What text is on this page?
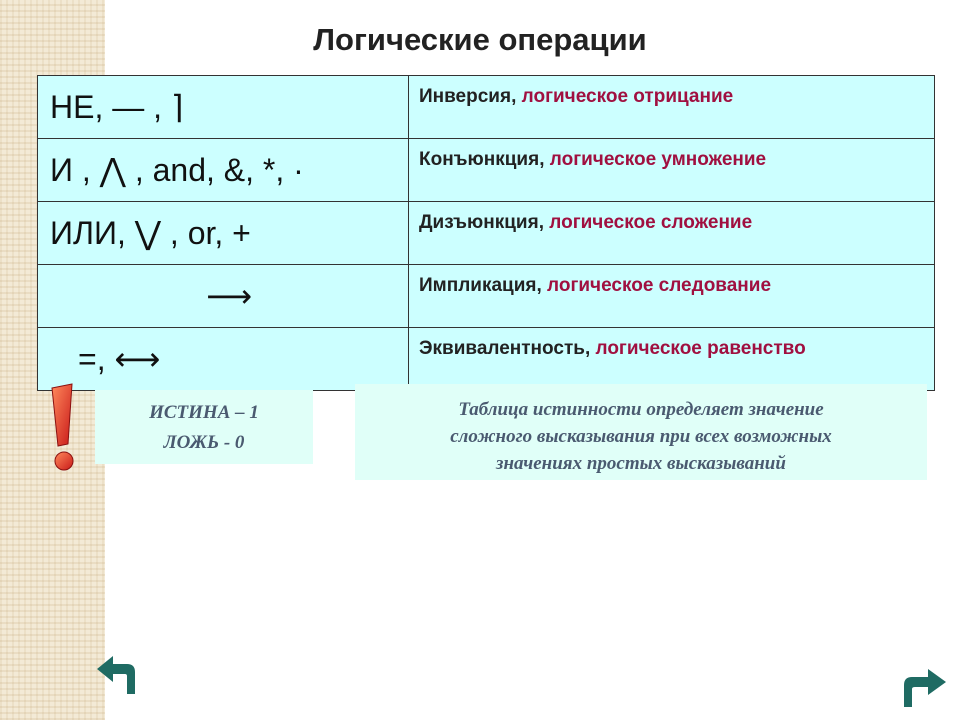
Логические операции
НЕ, — , ⌉	Инверсия, логическое отрицание
И , ⋀ , and, &, *, ·	Конъюнкция, логическое умножение
ИЛИ, ⋁ , or, +	Дизъюнкция, логическое сложение
⟶	Импликация, логическое следование
=, ⟷	Эквивалентность, логическое равенство
ИСТИНА – 1
ЛОЖЬ - 0
Таблица истинности определяет значение
сложного высказывания при всех возможных
значениях простых высказываний
